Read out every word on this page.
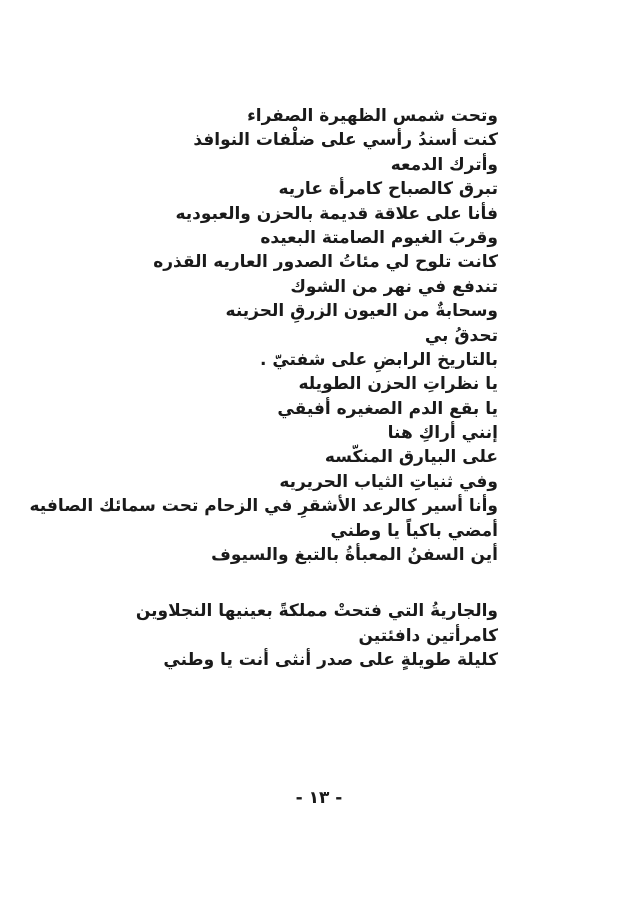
وتحت شمس الظهيرة الصفراء
كنت أسندُ رأسي على ضلْفات النوافذ
وأترك الدمعه
تبرق كالصباح كامرأة عاريه
فأنا على علاقة قديمة بالحزن والعبوديه
وقربَ الغيوم الصامتة البعيده
كانت تلوح لي مئاتُ الصدور العاريه القذره
تندفع في نهر من الشوك
وسحابةٌ من العيون الزرقِ الحزينه
تحدقُ بي
بالتاريخ الرابضِ على شفتيّ .
يا نظراتِ الحزن الطويله
يا بقع الدم الصغيره أفيقي
إنني أراكِ هنا
على البيارق المنكّسه
وفي ثنياتِ الثياب الحريريه
وأنا أسير كالرعد الأشقرِ في الزحام تحت سمائك الصافيه
أمضي باكياً يا وطني
أين السفنُ المعبأةُ بالتبغ والسيوف
والجاريةُ التي فتحتْ مملكةً بعينيها النجلاوين
كامرأتين دافئتين
كليلة طويلةٍ على صدر أنثى أنت يا وطني
- ١٣ -
